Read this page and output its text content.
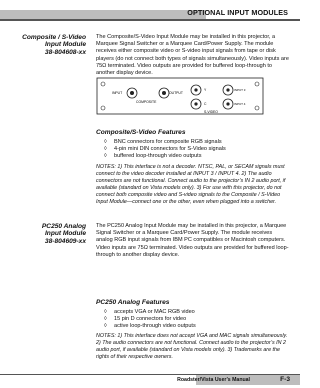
OPTIONAL INPUT MODULES
Composite / S-Video
Input Module
38-804608-xx
The Composite/S-Video Input Module may be installed in this projector, a Marquee Signal Switcher or a Marquee Card/Power Supply. The module receives either composite video or S-video input signals from tape or disk players (do not connect both types of signals simultaneously). Video inputs are 75Ω terminated. Video outputs are provided for buffered loop-through to another display device.
INPUT
COMPOSITE
OUTPUT
Y
C
S-VIDEO
INPUT 3
INPUT 4
Composite/S-Video Features
◊ BNC connectors for composite RGB signals
◊ 4-pin mini DIN connectors for S-Video signals
◊ buffered loop-through video outputs
NOTES: 1) This interface is not a decoder. NTSC, PAL, or SECAM signals must connect to the video decoder installed at INPUT 3 / INPUT 4. 2) The audio connectors are not functional. Connect audio to the projector’s IN 2 audio port, if available (standard on Vista models only). 3) For use with this projector, do not connect both composite video and S-video signals to the Composite / S-Video Input Module—connect one or the other, even when plugged into a switcher.
PC250 Analog
Input Module
38-804609-xx
The PC250 Analog Input Module may be installed in this projector, a Marquee Signal Switcher or a Marquee Card/Power Supply. The module receives analog RGB input signals from IBM PC compatibles or Macintosh computers. Video inputs are 75Ω terminated. Video outputs are provided for buffered loop-through to another display device.
PC250 Analog Features
◊ accepts VGA or MAC RGB video
◊ 15 pin D connectors for video
◊ active loop-through video outputs
NOTES: 1) This interface does not accept VGA and MAC signals simultaneously. 2) The audio connectors are not functional. Connect audio to the projector’s IN 2 audio port, if available (standard on Vista models only). 3) Trademarks are the rights of their respective owners.
Roadster/Vista User’s Manual	F-3
